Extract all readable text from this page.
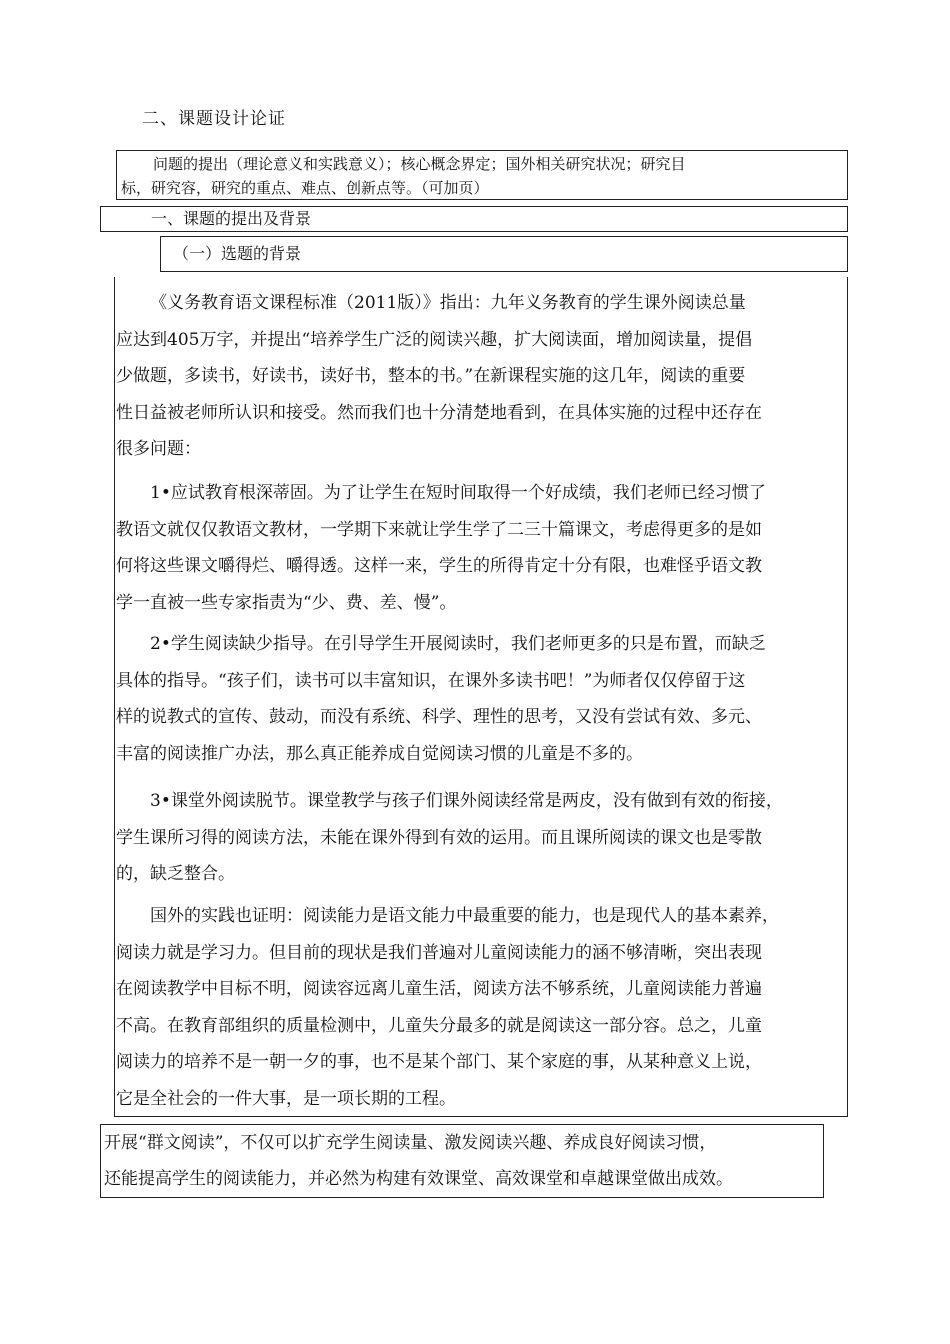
二、课题设计论证
问题的提出（理论意义和实践意义）；核心概念界定；国外相关研究状况；研究目
标，研究容，研究的重点、难点、创新点等。（可加页）
一、课题的提出及背景
（一）选题的背景
《义务教育语文课程标准（2011版）》指出：九年义务教育的学生课外阅读总量
应达到405万字，并提出“培养学生广泛的阅读兴趣，扩大阅读面，增加阅读量，提倡
少做题，多读书，好读书，读好书，整本的书。”在新课程实施的这几年，阅读的重要
性日益被老师所认识和接受。然而我们也十分清楚地看到，在具体实施的过程中还存在
很多问题：
1•应试教育根深蒂固。为了让学生在短时间取得一个好成绩，我们老师已经习惯了
教语文就仅仅教语文教材，一学期下来就让学生学了二三十篇课文，考虑得更多的是如
何将这些课文嚼得烂、嚼得透。这样一来，学生的所得肯定十分有限，也难怪乎语文教
学一直被一些专家指责为“少、费、差、慢”。
2•学生阅读缺少指导。在引导学生开展阅读时，我们老师更多的只是布置，而缺乏
具体的指导。“孩子们，读书可以丰富知识，在课外多读书吧！”为师者仅仅停留于这
样的说教式的宣传、鼓动，而没有系统、科学、理性的思考，又没有尝试有效、多元、
丰富的阅读推广办法，那么真正能养成自觉阅读习惯的儿童是不多的。
3•课堂外阅读脱节。课堂教学与孩子们课外阅读经常是两皮，没有做到有效的衔接，
学生课所习得的阅读方法，未能在课外得到有效的运用。而且课所阅读的课文也是零散
的，缺乏整合。
国外的实践也证明：阅读能力是语文能力中最重要的能力，也是现代人的基本素养，
阅读力就是学习力。但目前的现状是我们普遍对儿童阅读能力的涵不够清晰，突出表现
在阅读教学中目标不明，阅读容远离儿童生活，阅读方法不够系统，儿童阅读能力普遍
不高。在教育部组织的质量检测中，儿童失分最多的就是阅读这一部分容。总之，儿童
阅读力的培养不是一朝一夕的事，也不是某个部门、某个家庭的事，从某种意义上说，
它是全社会的一件大事，是一项长期的工程。
开展“群文阅读”，不仅可以扩充学生阅读量、激发阅读兴趣、养成良好阅读习惯，
还能提高学生的阅读能力，并必然为构建有效课堂、高效课堂和卓越课堂做出成效。
